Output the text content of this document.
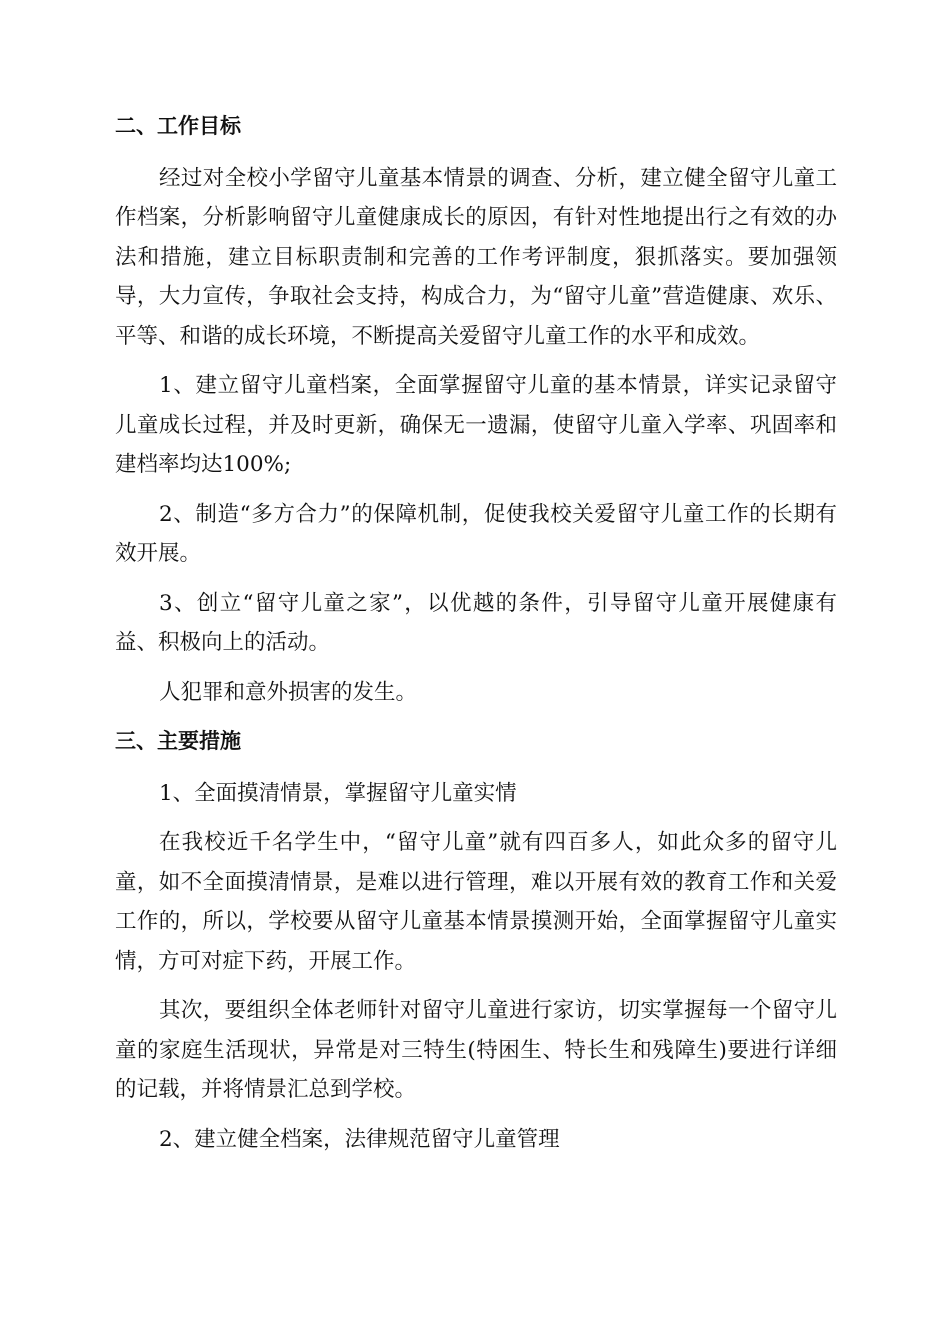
二、工作目标

经过对全校小学留守儿童基本情景的调查、分析，建立健全留守儿童工作档案，分析影响留守儿童健康成长的原因，有针对性地提出行之有效的办法和措施，建立目标职责制和完善的工作考评制度，狠抓落实。要加强领导，大力宣传，争取社会支持，构成合力，为“留守儿童”营造健康、欢乐、平等、和谐的成长环境，不断提高关爱留守儿童工作的水平和成效。

1、建立留守儿童档案，全面掌握留守儿童的基本情景，详实记录留守儿童成长过程，并及时更新，确保无一遗漏，使留守儿童入学率、巩固率和建档率均达100%;

2、制造“多方合力”的保障机制，促使我校关爱留守儿童工作的长期有效开展。

3、创立“留守儿童之家”，以优越的条件，引导留守儿童开展健康有益、积极向上的活动。

人犯罪和意外损害的发生。

三、主要措施

1、全面摸清情景，掌握留守儿童实情

在我校近千名学生中，“留守儿童”就有四百多人，如此众多的留守儿童，如不全面摸清情景，是难以进行管理，难以开展有效的教育工作和关爱工作的，所以，学校要从留守儿童基本情景摸测开始，全面掌握留守儿童实情，方可对症下药，开展工作。

其次，要组织全体老师针对留守儿童进行家访，切实掌握每一个留守儿童的家庭生活现状，异常是对三特生(特困生、特长生和残障生)要进行详细的记载，并将情景汇总到学校。

2、建立健全档案，法律规范留守儿童管理
